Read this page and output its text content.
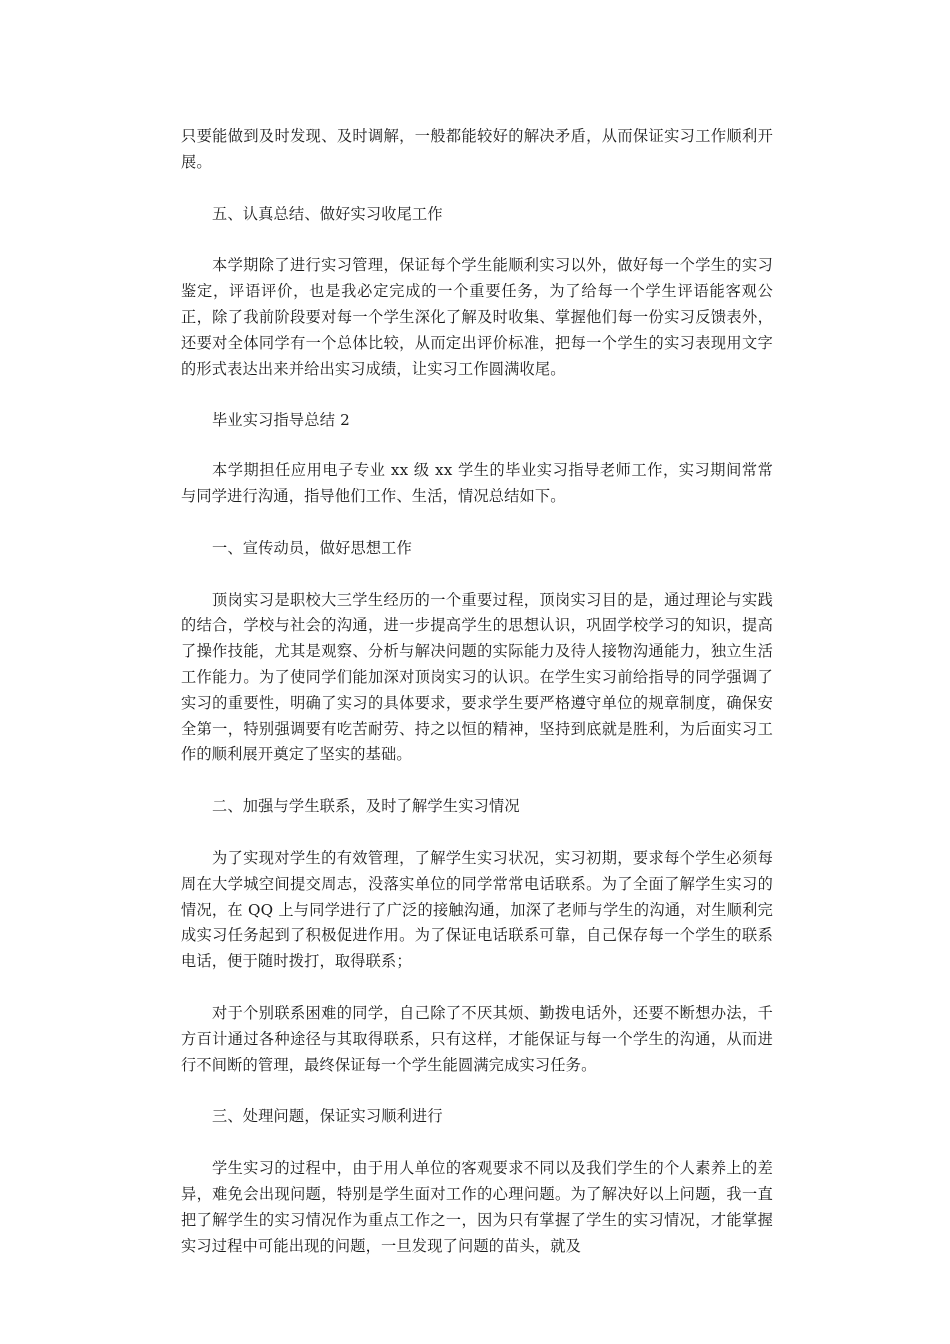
只要能做到及时发现、及时调解，一般都能较好的解决矛盾，从而保证实习工作顺利开展。

五、认真总结、做好实习收尾工作

本学期除了进行实习管理，保证每个学生能顺利实习以外，做好每一个学生的实习鉴定，评语评价，也是我必定完成的一个重要任务，为了给每一个学生评语能客观公正，除了我前阶段要对每一个学生深化了解及时收集、掌握他们每一份实习反馈表外，还要对全体同学有一个总体比较，从而定出评价标准，把每一个学生的实习表现用文字的形式表达出来并给出实习成绩，让实习工作圆满收尾。

毕业实习指导总结 2

本学期担任应用电子专业 xx 级 xx 学生的毕业实习指导老师工作，实习期间常常与同学进行沟通，指导他们工作、生活，情况总结如下。

一、宣传动员，做好思想工作

顶岗实习是职校大三学生经历的一个重要过程，顶岗实习目的是，通过理论与实践的结合，学校与社会的沟通，进一步提高学生的思想认识，巩固学校学习的知识，提高了操作技能，尤其是观察、分析与解决问题的实际能力及待人接物沟通能力，独立生活工作能力。为了使同学们能加深对顶岗实习的认识。在学生实习前给指导的同学强调了实习的重要性，明确了实习的具体要求，要求学生要严格遵守单位的规章制度，确保安全第一，特别强调要有吃苦耐劳、持之以恒的精神，坚持到底就是胜利，为后面实习工作的顺利展开奠定了坚实的基础。

二、加强与学生联系，及时了解学生实习情况

为了实现对学生的有效管理，了解学生实习状况，实习初期，要求每个学生必须每周在大学城空间提交周志，没落实单位的同学常常电话联系。为了全面了解学生实习的情况，在 QQ 上与同学进行了广泛的接触沟通，加深了老师与学生的沟通，对生顺利完成实习任务起到了积极促进作用。为了保证电话联系可靠，自己保存每一个学生的联系电话，便于随时拨打，取得联系；

对于个别联系困难的同学，自己除了不厌其烦、勤拨电话外，还要不断想办法，千方百计通过各种途径与其取得联系，只有这样，才能保证与每一个学生的沟通，从而进行不间断的管理，最终保证每一个学生能圆满完成实习任务。

三、处理问题，保证实习顺利进行

学生实习的过程中，由于用人单位的客观要求不同以及我们学生的个人素养上的差异，难免会出现问题，特别是学生面对工作的心理问题。为了解决好以上问题，我一直把了解学生的实习情况作为重点工作之一，因为只有掌握了学生的实习情况，才能掌握实习过程中可能出现的问题，一旦发现了问题的苗头，就及
